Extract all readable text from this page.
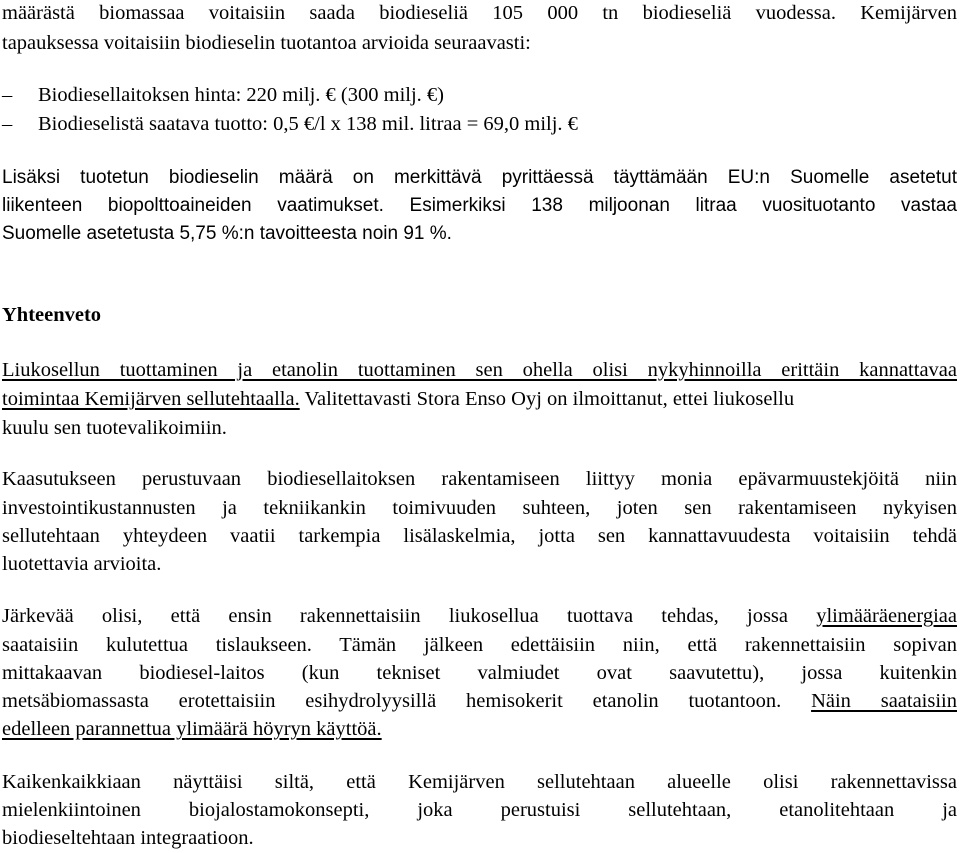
määrästä biomassaa voitaisiin saada biodieseliä 105 000 tn biodieseliä vuodessa. Kemijärven
tapauksessa voitaisiin biodieselin tuotantoa arvioida seuraavasti:
– Biodiesellaitoksen hinta: 220 milj. € (300 milj. €)
– Biodieselistä saatava tuotto: 0,5 €/l x 138 mil. litraa = 69,0 milj. €
Lisäksi tuotetun biodieselin määrä on merkittävä pyrittäessä täyttämään EU:n Suomelle asetetut
liikenteen biopolttoaineiden vaatimukset. Esimerkiksi 138 miljoonan litraa vuosituotanto vastaa
Suomelle asetetusta 5,75 %:n tavoitteesta noin 91 %.
Yhteenveto
Liukosellun tuottaminen ja etanolin tuottaminen sen ohella olisi nykyhinnoilla erittäin kannattavaa
toimintaa Kemijärven sellutehtaalla. Valitettavasti Stora Enso Oyj on ilmoittanut, ettei liukosellu
kuulu sen tuotevalikoimiin.
Kaasutukseen perustuvaan biodiesellaitoksen rakentamiseen liittyy monia epävarmuustekjöitä niin
investointikustannusten ja tekniikankin toimivuuden suhteen, joten sen rakentamiseen nykyisen
sellutehtaan yhteydeen vaatii tarkempia lisälaskelmia, jotta sen kannattavuudesta voitaisiin tehdä
luotettavia arvioita.
Järkevää olisi, että ensin rakennettaisiin liukosellua tuottava tehdas, jossa ylimääräenergiaa
saataisiin kulutettua tislaukseen. Tämän jälkeen edettäisiin niin, että rakennettaisiin sopivan
mittakaavan biodiesel-laitos (kun tekniset valmiudet ovat saavutettu), jossa kuitenkin
metsäbiomassasta erotettaisiin esihydrolyysillä hemisokerit etanolin tuotantoon. Näin saataisiin
edelleen parannettua ylimäärä höyryn käyttöä.
Kaikenkaikkiaan näyttäisi siltä, että Kemijärven sellutehtaan alueelle olisi rakennettavissa
mielenkiintoinen biojalostamokonsepti, joka perustuisi sellutehtaan, etanolitehtaan ja
biodieseltehtaan integraatioon.
